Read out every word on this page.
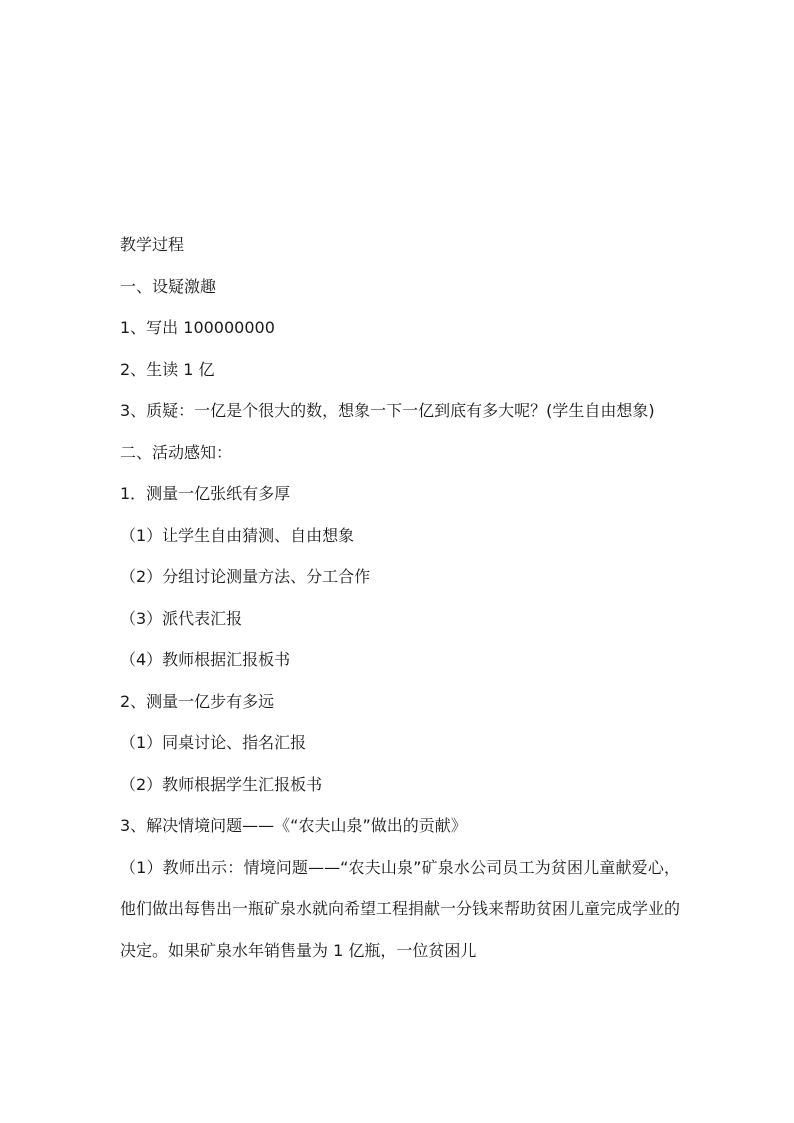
教学过程

一、设疑激趣

1、写出 100000000

2、生读 1 亿

3、质疑：一亿是个很大的数，想象一下一亿到底有多大呢？(学生自由想象)

二、活动感知：

1．测量一亿张纸有多厚

（1）让学生自由猜测、自由想象

（2）分组讨论测量方法、分工合作

（3）派代表汇报

（4）教师根据汇报板书

2、测量一亿步有多远

（1）同桌讨论、指名汇报

（2）教师根据学生汇报板书

3、解决情境问题——《“农夫山泉”做出的贡献》

（1）教师出示：情境问题——“农夫山泉”矿泉水公司员工为贫困儿童献爱心，他们做出每售出一瓶矿泉水就向希望工程捐献一分钱来帮助贫困儿童完成学业的决定。如果矿泉水年销售量为 1 亿瓶，一位贫困儿
